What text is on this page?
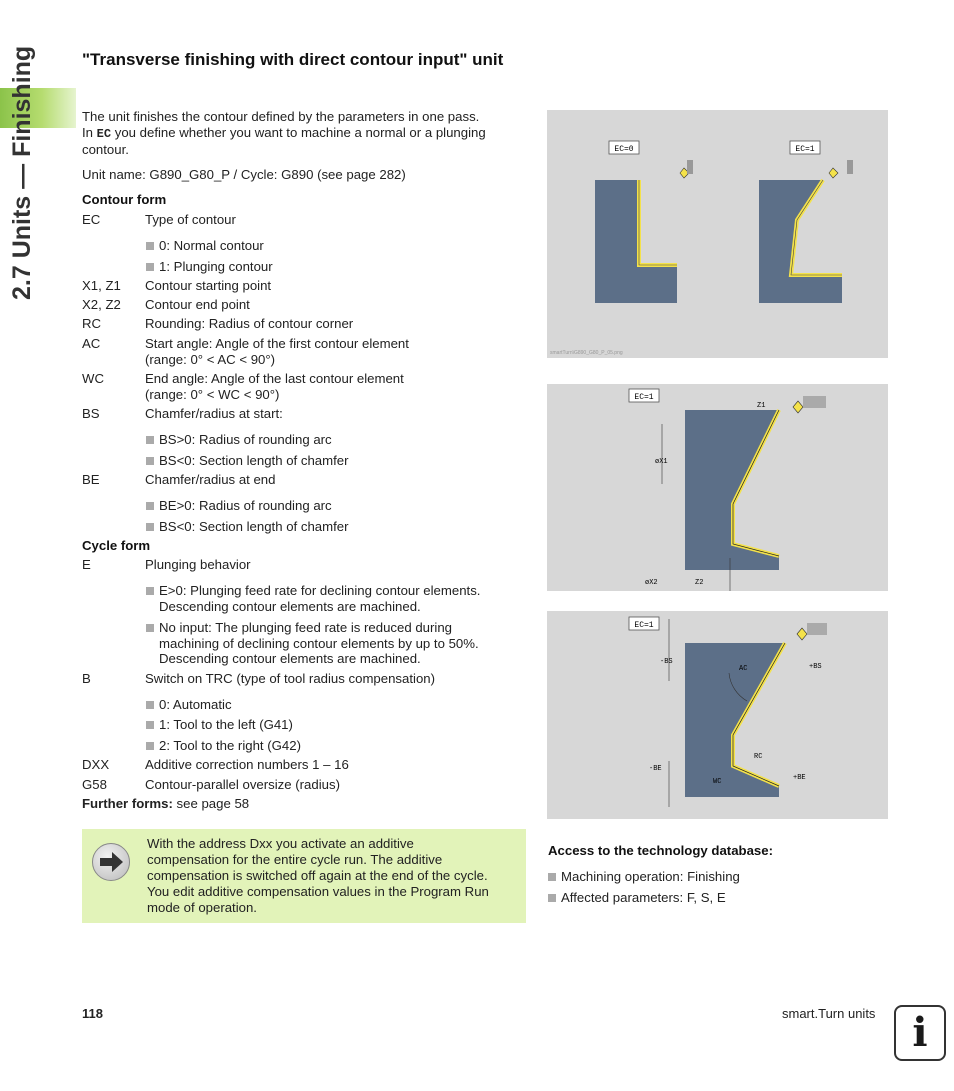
2.7 Units — Finishing	"Transverse finishing with direct contour input" unit
The unit finishes the contour defined by the parameters in one pass.
In EC you define whether you want to machine a normal or a plunging
contour.
Unit name: G890_G80_P / Cycle: G890 (see page 282)
Contour form
EC	Type of contour
0: Normal contour
1: Plunging contour
X1, Z1	Contour starting point
X2, Z2	Contour end point
RC	Rounding: Radius of contour corner
AC	Start angle: Angle of the first contour element
(range: 0° < AC < 90°)
WC	End angle: Angle of the last contour element
(range: 0° < WC < 90°)
BS	Chamfer/radius at start:
BS>0: Radius of rounding arc
BS<0: Section length of chamfer
BE	Chamfer/radius at end
BE>0: Radius of rounding arc
BS<0: Section length of chamfer
Cycle form
E	Plunging behavior
E>0: Plunging feed rate for declining contour elements.
Descending contour elements are machined.
No input: The plunging feed rate is reduced during
machining of declining contour elements by up to 50%.
Descending contour elements are machined.
B	Switch on TRC (type of tool radius compensation)
0: Automatic
1: Tool to the left (G41)
2: Tool to the right (G42)
DXX	Additive correction numbers 1 – 16
G58	Contour-parallel oversize (radius)
Further forms: see page 58
With the address Dxx you activate an additive
compensation for the entire cycle run. The additive
compensation is switched off again at the end of the cycle.
You edit additive compensation values in the Program Run
mode of operation.
EC=0	EC=1
smartTurn\G890_G80_P_05.png
EC=1
Z1
øX1
øX2	Z2
EC=1
-BS
AC	+BS
RC
-BE
WC	+BE
Access to the technology database:
Machining operation: Finishing
Affected parameters: F, S, E
118	smart.Turn units i
